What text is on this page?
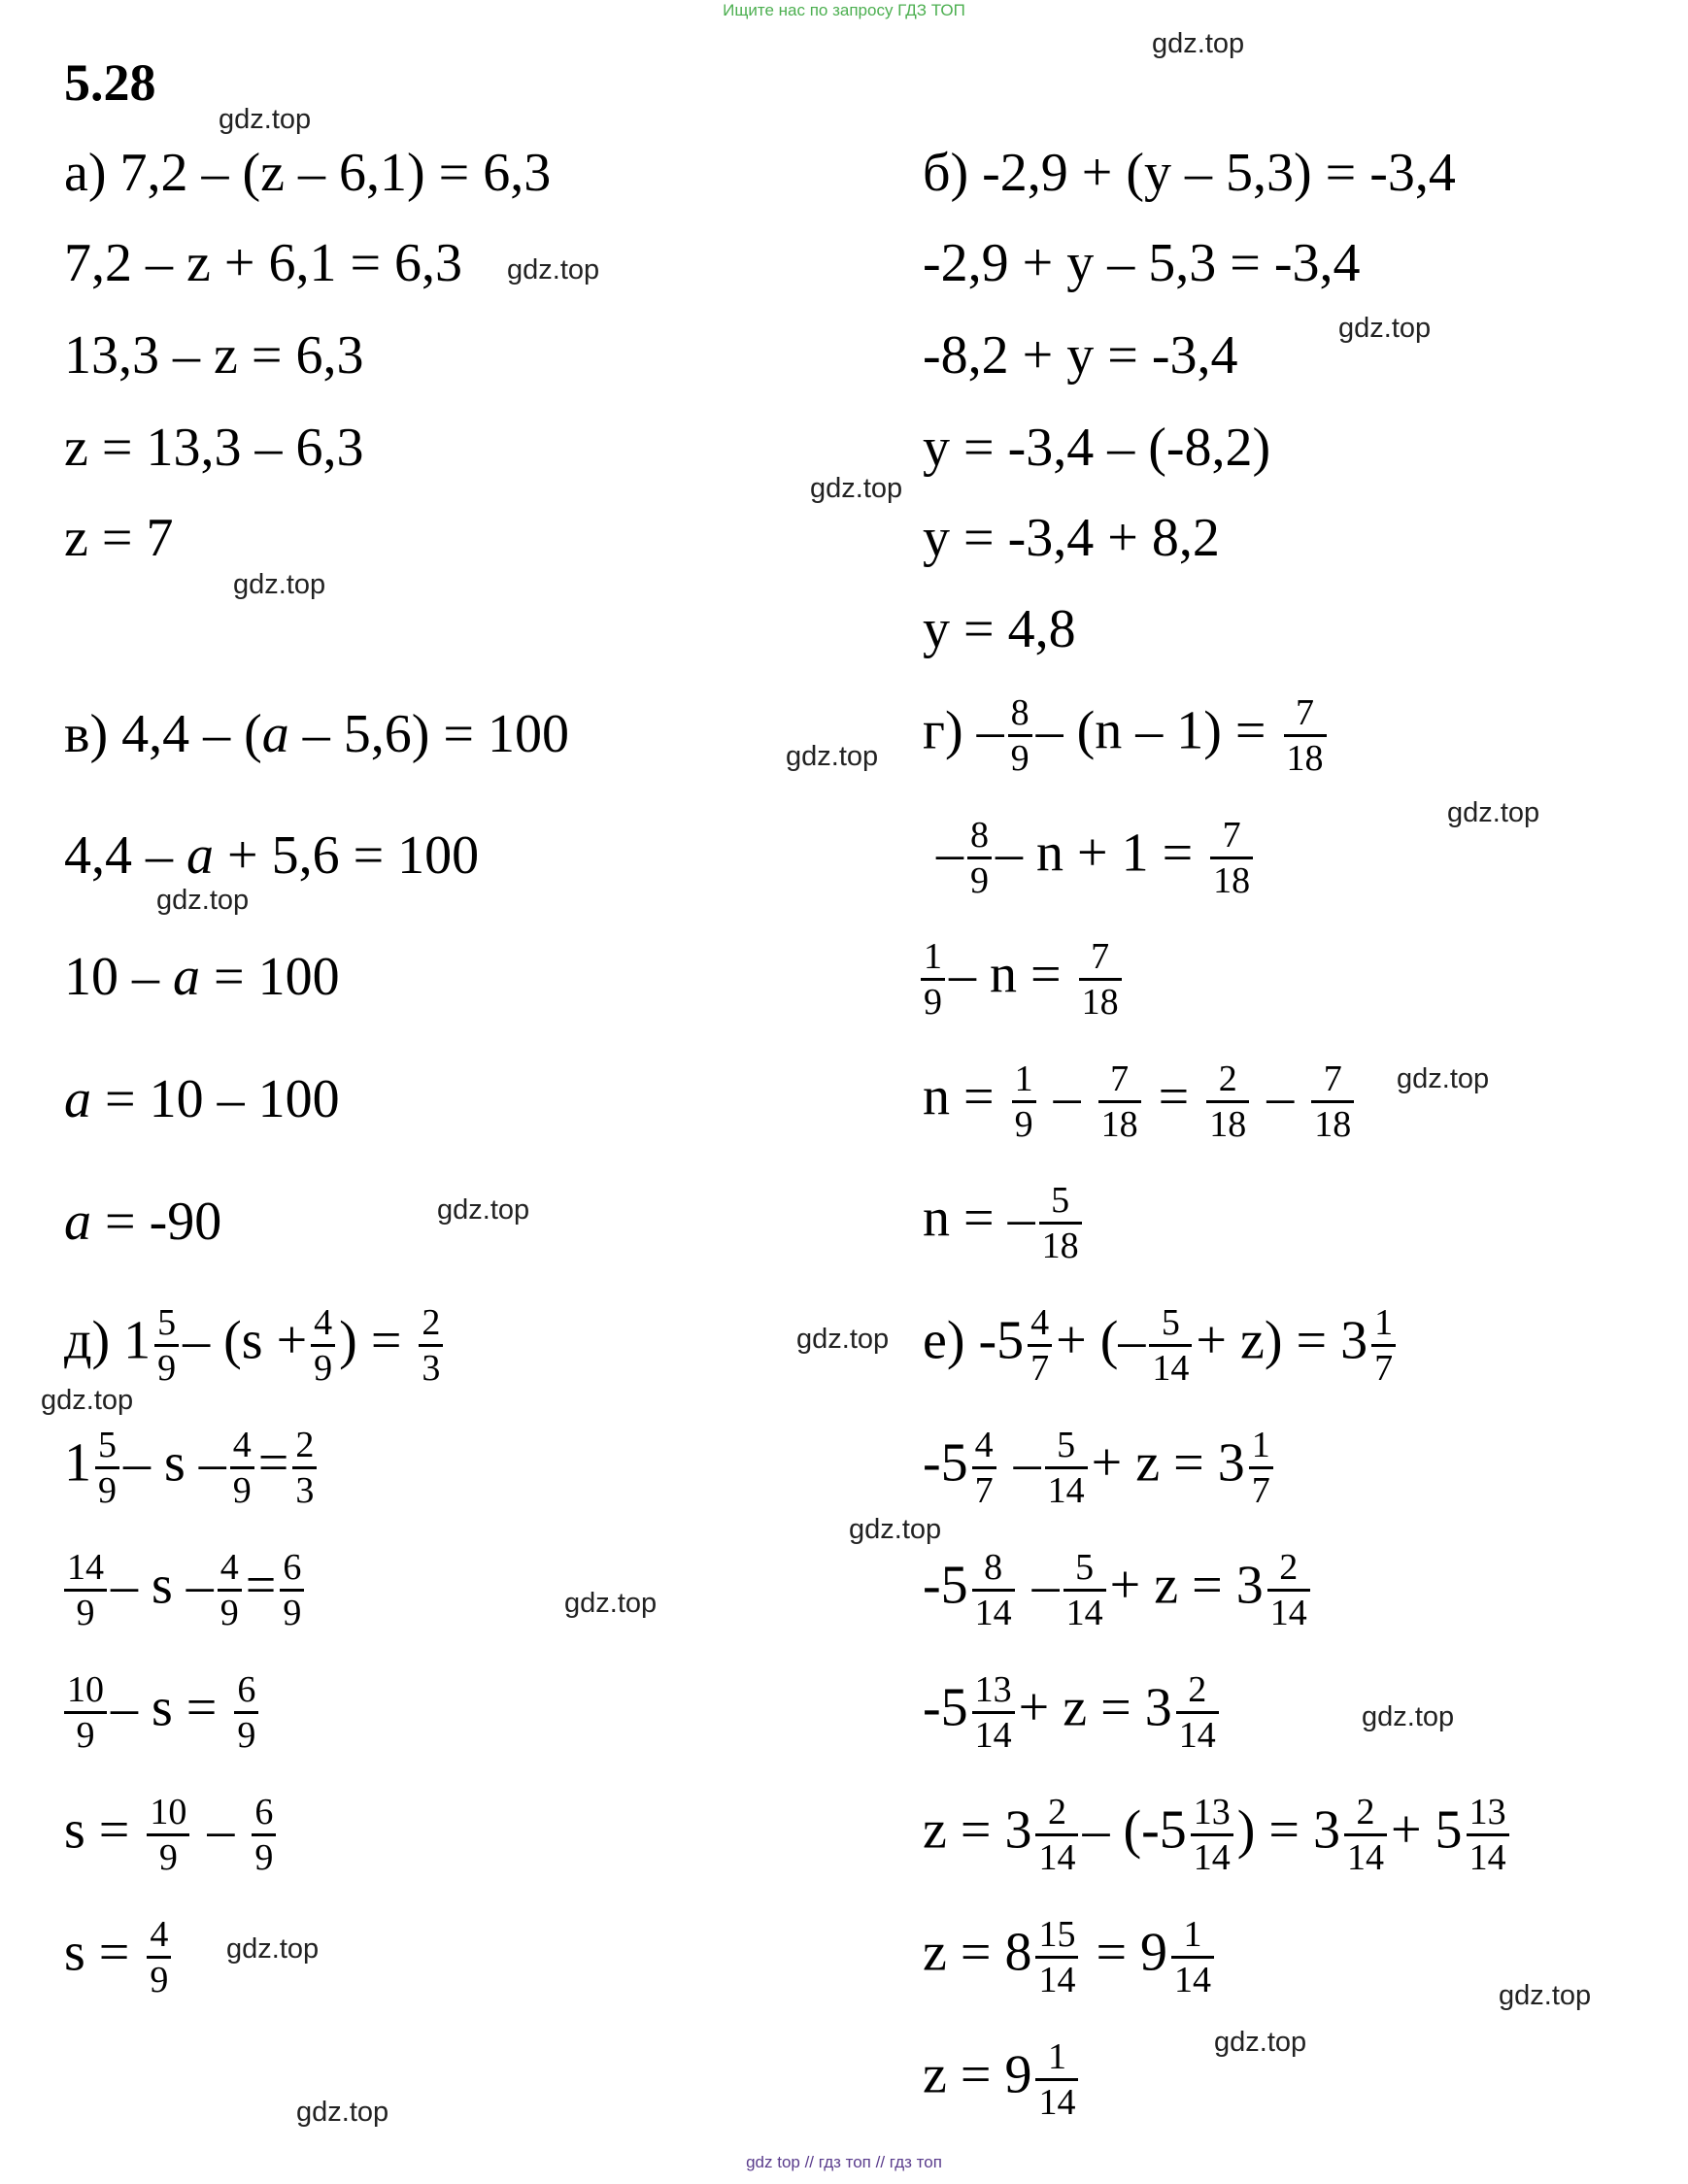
Ищите нас по запросу ГДЗ ТОП
5.28
gdz.top
gdz.top
gdz.top
gdz.top
gdz.top
gdz.top
gdz.top
gdz.top
gdz.top
gdz.top
gdz.top
gdz.top
gdz.top
gdz.top
gdz.top
gdz.top
gdz.top
gdz.top
gdz.top
gdz.top
а) 7,2 – (z – 6,1) = 6,3
7,2 – z + 6,1 = 6,3
13,3 – z = 6,3
z = 13,3 – 6,3
z = 7
б) -2,9 + (y – 5,3) = -3,4
-2,9 + y – 5,3 = -3,4
-8,2 + y = -3,4
y = -3,4 – (-8,2)
y = -3,4 + 8,2
y = 4,8
в) 4,4 – (a – 5,6) = 100
4,4 – a + 5,6 = 100
10 – a = 100
a = 10 – 100
a = -90
$г) - \frac{8}{9} - (n - 1) = \frac{7}{18}$
– $\frac{8}{9} - n + 1 = \frac{7}{18}$
$\frac{1}{9} - n = \frac{7}{18}$
$n = \frac{1}{9} - \frac{7}{18} = \frac{2}{18} - \frac{7}{18}$
n = – $\frac{5}{18}$
д) $1 \frac{5}{9} - (s + \frac{4}{9}$ ) = $\frac{2}{3}$
$1 \frac{5}{9} - s - \frac{4}{9} = \frac{2}{3}$
$\frac{14}{9} - s - \frac{4}{9} = \frac{6}{9}$
$\frac{10}{9} - s = \frac{6}{9}$
$s = \frac{10}{9} - \frac{6}{9}$
$s = \frac{4}{9}$
е) $-5 \frac{4}{7}$ + (– $\frac{5}{14} + z) = 3 \frac{1}{7}$
$-5 \frac{4}{7} - \frac{5}{14} + z = 3 \frac{1}{7}$
$-5 \frac{8}{14} - \frac{5}{14} + z = 3 \frac{2}{14}$
$-5 \frac{13}{14} + z = 3 \frac{2}{14}$
$z = 3 \frac{2}{14} - (-5 \frac{13}{14}$ ) = $3 \frac{2}{14} + 5 \frac{13}{14}$
$z = 8 \frac{15}{14} = 9 \frac{1}{14}$
$z = 9 \frac{1}{14}$
gdz top // гдз топ // гдз топ
